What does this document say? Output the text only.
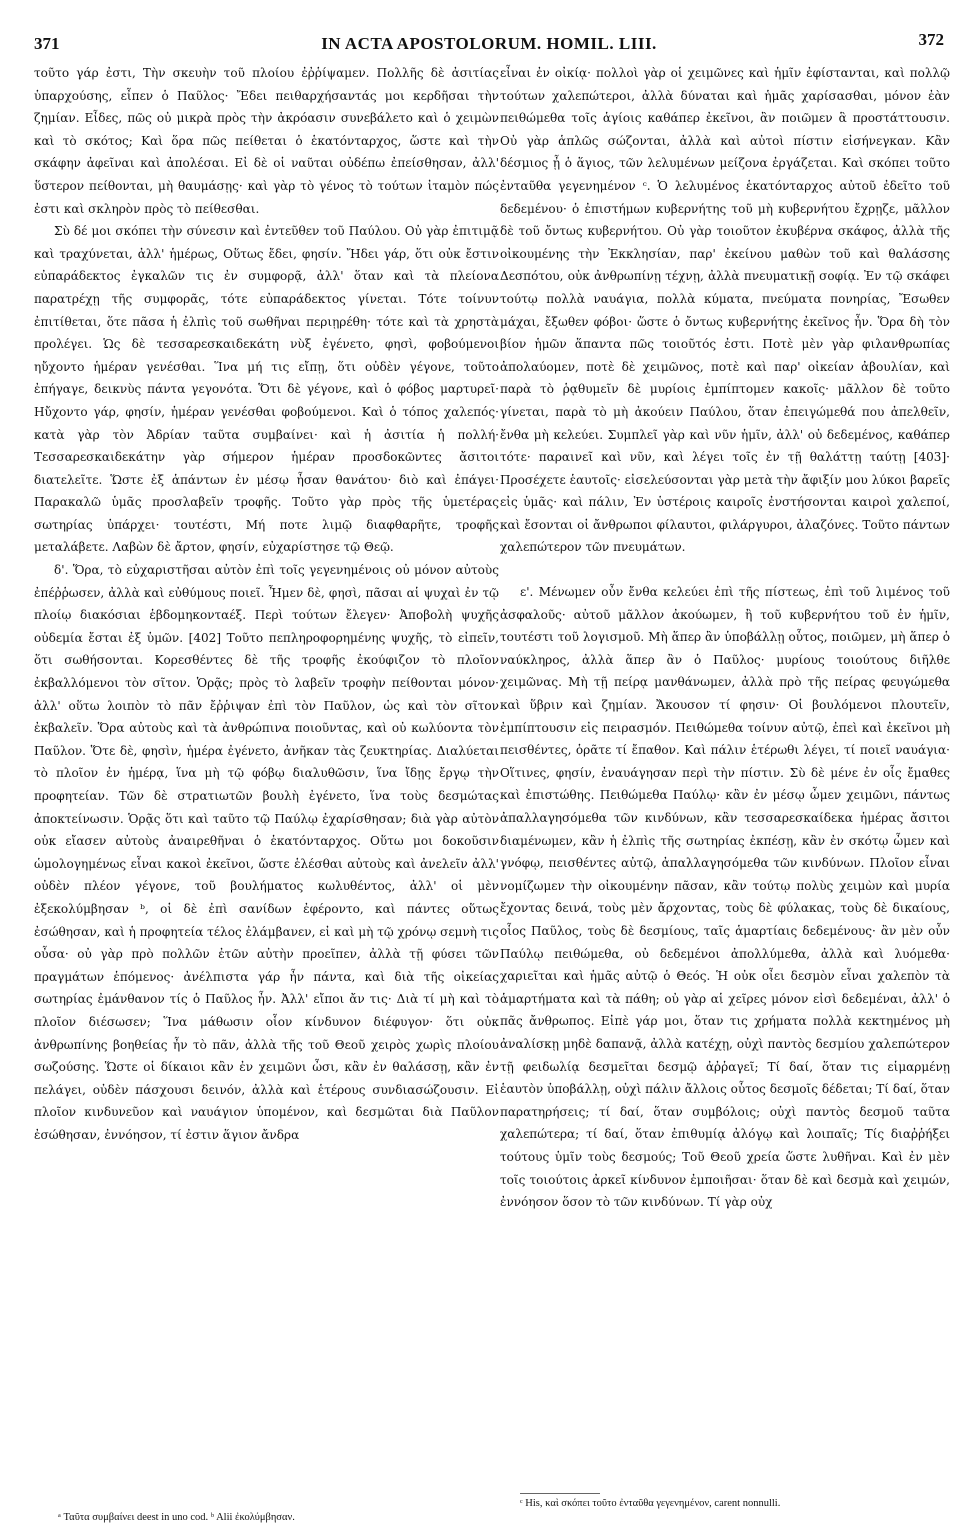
371	IN ACTA APOSTOLORUM. HOMIL. LIII.	372

τοῦτο γάρ ἐστι, Τὴν σκευὴν τοῦ πλοίου ἐῤῥίψαμεν. Πολλῆς δὲ ἀσιτίας ὑπαρχούσης, εἶπεν ὁ Παῦλος· Ἔδει πειθαρχήσαντάς μοι κερδῆσαι τὴν ζημίαν. Εἶδες, πῶς οὐ μικρὰ πρὸς τὴν ἀκρόασιν συνεβάλετο καὶ ὁ χειμὼν καὶ τὸ σκότος; Καὶ ὅρα πῶς πείθεται ὁ ἑκατόνταρχος, ὥστε καὶ τὴν σκάφην ἀφεῖναι καὶ ἀπολέσαι. Εἰ δὲ οἱ ναῦται οὐδέπω ἐπείσθησαν, ἀλλ' ὕστερον πείθονται, μὴ θαυμάσῃς· καὶ γὰρ τὸ γένος τὸ τούτων ἰταμὸν πώς ἐστι καὶ σκληρὸν πρὸς τὸ πείθεσθαι.

Σὺ δέ μοι σκόπει τὴν σύνεσιν καὶ ἐντεῦθεν τοῦ Παύλου. Οὐ γὰρ ἐπιτιμᾷ καὶ τραχύνεται, ἀλλ' ἡμέρως, Οὕτως ἔδει, φησίν. Ἤδει γάρ, ὅτι οὐκ ἔστιν εὐπαράδεκτος ἐγκαλῶν τις ἐν συμφορᾷ, ἀλλ' ὅταν καὶ τὰ πλείονα παρατρέχῃ τῆς συμφορᾶς, τότε εὐπαράδεκτος γίνεται. Τότε τοίνυν ἐπιτίθεται, ὅτε πᾶσα ἡ ἐλπὶς τοῦ σωθῆναι περιῃρέθη· τότε καὶ τὰ χρηστὰ προλέγει. Ὡς δὲ τεσσαρεσκαιδεκάτη νὺξ ἐγένετο, φησὶ, φοβούμενοι ηὔχοντο ἡμέραν γενέσθαι. Ἵνα μή τις εἴπῃ, ὅτι οὐδὲν γέγονε, τοῦτο ἐπήγαγε, δεικνὺς πάντα γεγονότα. Ὅτι δὲ γέγονε, καὶ ὁ φόβος μαρτυρεῖ· Ηὔχοντο γάρ, φησίν, ἡμέραν γενέσθαι φοβούμενοι. Καὶ ὁ τόπος χαλεπός· κατὰ γὰρ τὸν Ἀδρίαν ταῦτα συμβαίνει· καὶ ἡ ἀσιτία ἡ πολλή· Τεσσαρεσκαιδεκάτην γὰρ σήμερον ἡμέραν προσδοκῶντες ἄσιτοι διατελεῖτε. Ὥστε ἐξ ἁπάντων ἐν μέσῳ ἦσαν θανάτου· διὸ καὶ ἐπάγει· Παρακαλῶ ὑμᾶς προσλαβεῖν τροφῆς. Τοῦτο γὰρ πρὸς τῆς ὑμετέρας σωτηρίας ὑπάρχει· τουτέστι, Μή ποτε λιμῷ διαφθαρῆτε, τροφῆς μεταλάβετε. Λαβὼν δὲ ἄρτον, φησίν, εὐχαρίστησε τῷ Θεῷ.

δ'. Ὅρα, τὸ εὐχαριστῆσαι αὐτὸν ἐπὶ τοῖς γεγενημένοις οὐ μόνον αὐτοὺς ἐπέῤῥωσεν, ἀλλὰ καὶ εὐθύμους ποιεῖ. Ἦμεν δὲ, φησὶ, πᾶσαι αἱ ψυχαὶ ἐν τῷ πλοίῳ διακόσιαι ἑβδομηκονταέξ. Περὶ τούτων ἔλεγεν· Ἀποβολὴ ψυχῆς οὐδεμία ἔσται ἐξ ὑμῶν. [402] Τοῦτο πεπληροφορημένης ψυχῆς, τὸ εἰπεῖν, ὅτι σωθήσονται. Κορεσθέντες δὲ τῆς τροφῆς ἐκούφιζον τὸ πλοῖον ἐκβαλλόμενοι τὸν σῖτον. Ὁρᾷς; πρὸς τὸ λαβεῖν τροφὴν πείθονται μόνον· ἀλλ' οὕτω λοιπὸν τὸ πᾶν ἔῤῥιψαν ἐπὶ τὸν Παῦλον, ὡς καὶ τὸν σῖτον ἐκβαλεῖν. Ὅρα αὐτοὺς καὶ τὰ ἀνθρώπινα ποιοῦντας, καὶ οὐ κωλύοντα τὸν Παῦλον. Ὅτε δὲ, φησὶν, ἡμέρα ἐγένετο, ἀνῆκαν τὰς ζευκτηρίας. Διαλύεται τὸ πλοῖον ἐν ἡμέρᾳ, ἵνα μὴ τῷ φόβῳ διαλυθῶσιν, ἵνα ἴδῃς ἔργῳ τὴν προφητείαν. Τῶν δὲ στρατιωτῶν βουλὴ ἐγένετο, ἵνα τοὺς δεσμώτας ἀποκτείνωσιν. Ὁρᾷς ὅτι καὶ ταῦτο τῷ Παύλῳ ἐχαρίσθησαν; διὰ γὰρ αὐτὸν οὐκ εἴασεν αὐτοὺς ἀναιρεθῆναι ὁ ἑκατόνταρχος. Οὕτω μοι δοκοῦσιν ὡμολογημένως εἶναι κακοὶ ἐκεῖνοι, ὥστε ἑλέσθαι αὐτοὺς καὶ ἀνελεῖν ἀλλ' οὐδὲν πλέον γέγονε, τοῦ βουλήματος κωλυθέντος, ἀλλ' οἱ μὲν ἐξεκολύμβησαν ᵇ, οἱ δὲ ἐπὶ σανίδων ἐφέροντο, καὶ πάντες οὕτως ἐσώθησαν, καὶ ἡ προφητεία τέλος ἐλάμβανεν, εἰ καὶ μὴ τῷ χρόνῳ σεμνὴ τις οὖσα· οὐ γὰρ πρὸ πολλῶν ἐτῶν αὐτὴν προεῖπεν, ἀλλὰ τῇ φύσει τῶν πραγμάτων ἑπόμενος· ἀνέλπιστα γάρ ἦν πάντα, καὶ διὰ τῆς οἰκείας σωτηρίας ἐμάνθανον τίς ὁ Παῦλος ἦν. Ἀλλ' εἴποι ἄν τις· Διὰ τί μὴ καὶ τὸ πλοῖον διέσωσεν; Ἵνα μάθωσιν οἷον κίνδυνον διέφυγον· ὅτι οὐκ ἀνθρωπίνης βοηθείας ἦν τὸ πᾶν, ἀλλὰ τῆς τοῦ Θεοῦ χειρὸς χωρὶς πλοίου σωζούσης. Ὥστε οἱ δίκαιοι κἂν ἐν χειμῶνι ὦσι, κἂν ἐν θαλάσσῃ, κἂν ἐν πελάγει, οὐδὲν πάσχουσι δεινόν, ἀλλὰ καὶ ἑτέρους συνδιασώζουσιν. Εἰ πλοῖον κινδυνεῦον καὶ ναυάγιον ὑπομένον, καὶ δεσμῶται διὰ Παῦλον ἐσώθησαν, ἐννόησον, τί ἐστιν ἅγιον ἄνδρα

εἶναι ἐν οἰκίᾳ· πολλοὶ γὰρ οἱ χειμῶνες καὶ ἡμῖν ἐφίστανται, καὶ πολλῷ τούτων χαλεπώτεροι, ἀλλὰ δύναται καὶ ἡμᾶς χαρίσασθαι, μόνον ἐὰν πειθώμεθα τοῖς ἁγίοις καθάπερ ἐκεῖνοι, ἂν ποιῶμεν ἃ προστάττουσιν. Οὐ γὰρ ἁπλῶς σώζονται, ἀλλὰ καὶ αὐτοὶ πίστιν εἰσήνεγκαν. Κἂν δέσμιος ᾖ ὁ ἅγιος, τῶν λελυμένων μείζονα ἐργάζεται. Καὶ σκόπει τοῦτο ἐνταῦθα γεγενημένον ᶜ. Ὁ λελυμένος ἑκατόνταρχος αὐτοῦ ἐδεῖτο τοῦ δεδεμένου· ὁ ἐπιστήμων κυβερνήτης τοῦ μὴ κυβερνήτου ἔχρῃζε, μᾶλλον δὲ τοῦ ὄντως κυβερνήτου. Οὐ γὰρ τοιοῦτον ἐκυβέρνα σκάφος, ἀλλὰ τῆς οἰκουμένης τὴν Ἐκκλησίαν, παρ' ἐκείνου μαθὼν τοῦ καὶ θαλάσσης Δεσπότου, οὐκ ἀνθρωπίνῃ τέχνῃ, ἀλλὰ πνευματικῇ σοφίᾳ. Ἐν τῷ σκάφει τούτῳ πολλὰ ναυάγια, πολλὰ κύματα, πνεύματα πονηρίας, Ἔσωθεν μάχαι, ἔξωθεν φόβοι· ὥστε ὁ ὄντως κυβερνήτης ἐκεῖνος ἦν. Ὅρα δὴ τὸν βίον ἡμῶν ἅπαντα πῶς τοιοῦτός ἐστι. Ποτὲ μὲν γὰρ φιλανθρωπίας ἀπολαύομεν, ποτὲ δὲ χειμῶνος, ποτὲ καὶ παρ' οἰκείαν ἀβουλίαν, καὶ παρὰ τὸ ῥᾳθυμεῖν δὲ μυρίοις ἐμπίπτομεν κακοῖς· μᾶλλον δὲ τοῦτο γίνεται, παρὰ τὸ μὴ ἀκούειν Παύλου, ὅταν ἐπειγώμεθά που ἀπελθεῖν, ἔνθα μὴ κελεύει. Συμπλεῖ γὰρ καὶ νῦν ἡμῖν, ἀλλ' οὐ δεδεμένος, καθάπερ τότε· παραινεῖ καὶ νῦν, καὶ λέγει τοῖς ἐν τῇ θαλάττῃ ταύτῃ [403]· Προσέχετε ἑαυτοῖς· εἰσελεύσονται γὰρ μετὰ τὴν ἄφιξίν μου λύκοι βαρεῖς εἰς ὑμᾶς· καὶ πάλιν, Ἐν ὑστέροις καιροῖς ἐνστήσονται καιροὶ χαλεποί, καὶ ἔσονται οἱ ἄνθρωποι φίλαυτοι, φιλάργυροι, ἀλαζόνες. Τοῦτο πάντων χαλεπώτερον τῶν πνευμάτων.

ε'. Μένωμεν οὖν ἔνθα κελεύει ἐπὶ τῆς πίστεως, ἐπὶ τοῦ λιμένος τοῦ ἀσφαλοῦς· αὐτοῦ μᾶλλον ἀκούωμεν, ἢ τοῦ κυβερνήτου τοῦ ἐν ἡμῖν, τουτέστι τοῦ λογισμοῦ. Μὴ ἅπερ ἂν ὑποβάλλῃ οὗτος, ποιῶμεν, μὴ ἅπερ ὁ ναύκληρος, ἀλλὰ ἅπερ ἂν ὁ Παῦλος· μυρίους τοιούτους διῆλθε χειμῶνας. Μὴ τῇ πείρᾳ μανθάνωμεν, ἀλλὰ πρὸ τῆς πείρας φευγώμεθα καὶ ὕβριν καὶ ζημίαν. Ἄκουσον τί φησιν· Οἱ βουλόμενοι πλουτεῖν, ἐμπίπτουσιν εἰς πειρασμόν. Πειθώμεθα τοίνυν αὐτῷ, ἐπεὶ καὶ ἐκεῖνοι μὴ πεισθέντες, ὁρᾶτε τί ἔπαθον. Καὶ πάλιν ἑτέρωθι λέγει, τί ποιεῖ ναυάγια· Οἵτινες, φησίν, ἐναυάγησαν περὶ τὴν πίστιν. Σὺ δὲ μένε ἐν οἷς ἔμαθες καὶ ἐπιστώθης. Πειθώμεθα Παύλῳ· κἂν ἐν μέσῳ ὦμεν χειμῶνι, πάντως ἀπαλλαγησόμεθα τῶν κινδύνων, κἂν τεσσαρεσκαίδεκα ἡμέρας ἄσιτοι διαμένωμεν, κἂν ἡ ἐλπὶς τῆς σωτηρίας ἐκπέσῃ, κἂν ἐν σκότῳ ὦμεν καὶ γνόφῳ, πεισθέντες αὐτῷ, ἀπαλλαγησόμεθα τῶν κινδύνων. Πλοῖον εἶναι νομίζωμεν τὴν οἰκουμένην πᾶσαν, κἂν τούτῳ πολὺς χειμὼν καὶ μυρία ἔχοντας δεινά, τοὺς μὲν ἄρχοντας, τοὺς δὲ φύλακας, τοὺς δὲ δικαίους, οἷος Παῦλος, τοὺς δὲ δεσμίους, ταῖς ἁμαρτίαις δεδεμένους· ἂν μὲν οὖν Παύλῳ πειθώμεθα, οὐ δεδεμένοι ἀπολλύμεθα, ἀλλὰ καὶ λυόμεθα· χαριεῖται καὶ ἡμᾶς αὐτῷ ὁ Θεός. Ἡ οὐκ οἶει δεσμὸν εἶναι χαλεπὸν τὰ ἁμαρτήματα καὶ τὰ πάθη; οὐ γὰρ αἱ χεῖρες μόνον εἰσὶ δεδεμέναι, ἀλλ' ὁ πᾶς ἄνθρωπος. Εἰπὲ γάρ μοι, ὅταν τις χρήματα πολλὰ κεκτημένος μὴ ἀναλίσκῃ μηδὲ δαπανᾷ, ἀλλὰ κατέχῃ, οὐχὶ παντὸς δεσμίου χαλεπώτερον τῇ φειδωλίᾳ δεσμεῖται δεσμῷ ἀῤῥαγεῖ; Τί δαί, ὅταν τις εἱμαρμένῃ ἑαυτὸν ὑποβάλλῃ, οὐχὶ πάλιν ἄλλοις οὗτος δεσμοῖς δέδεται; Τί δαί, ὅταν παρατηρήσεις; τί δαί, ὅταν συμβόλοις; οὐχὶ παντὸς δεσμοῦ ταῦτα χαλεπώτερα; τί δαί, ὅταν ἐπιθυμίᾳ ἀλόγῳ καὶ λοιπαῖς; Τίς διαῤῥήξει τούτους ὑμῖν τοὺς δεσμούς; Τοῦ Θεοῦ χρεία ὥστε λυθῆναι. Καὶ ἐν μὲν τοῖς τοιούτοις ἀρκεῖ κίνδυνον ἐμποιῆσαι· ὅταν δὲ καὶ δεσμὰ καὶ χειμών, ἐννόησον ὅσον τὸ τῶν κινδύνων. Τί γὰρ οὐχ

ᵃ Ταῦτα συμβαίνει deest in uno cod. ᵇ Alii ἐκολύμβησαν.
ᶜ His, καὶ σκόπει τοῦτο ἐνταῦθα γεγενημένον, carent nonnulli.
